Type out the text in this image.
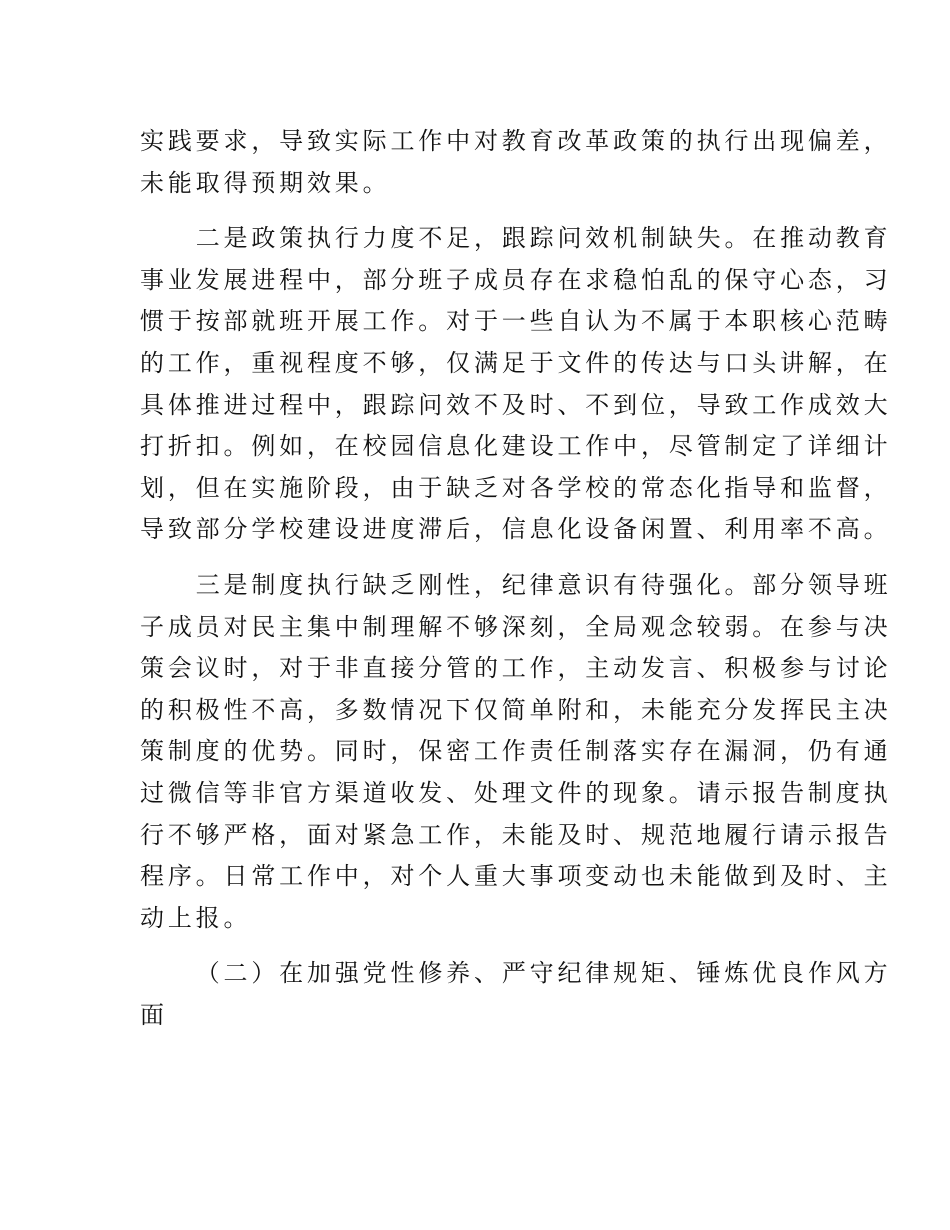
实践要求，导致实际工作中对教育改革政策的执行出现偏差，
未能取得预期效果。
二是政策执行力度不足，跟踪问效机制缺失。在推动教育
事业发展进程中，部分班子成员存在求稳怕乱的保守心态，习
惯于按部就班开展工作。对于一些自认为不属于本职核心范畴
的工作，重视程度不够，仅满足于文件的传达与口头讲解，在
具体推进过程中，跟踪问效不及时、不到位，导致工作成效大
打折扣。例如，在校园信息化建设工作中，尽管制定了详细计
划，但在实施阶段，由于缺乏对各学校的常态化指导和监督，
导致部分学校建设进度滞后，信息化设备闲置、利用率不高。
三是制度执行缺乏刚性，纪律意识有待强化。部分领导班
子成员对民主集中制理解不够深刻，全局观念较弱。在参与决
策会议时，对于非直接分管的工作，主动发言、积极参与讨论
的积极性不高，多数情况下仅简单附和，未能充分发挥民主决
策制度的优势。同时，保密工作责任制落实存在漏洞，仍有通
过微信等非官方渠道收发、处理文件的现象。请示报告制度执
行不够严格，面对紧急工作，未能及时、规范地履行请示报告
程序。日常工作中，对个人重大事项变动也未能做到及时、主
动上报。
（二）在加强党性修养、严守纪律规矩、锤炼优良作风方
面
